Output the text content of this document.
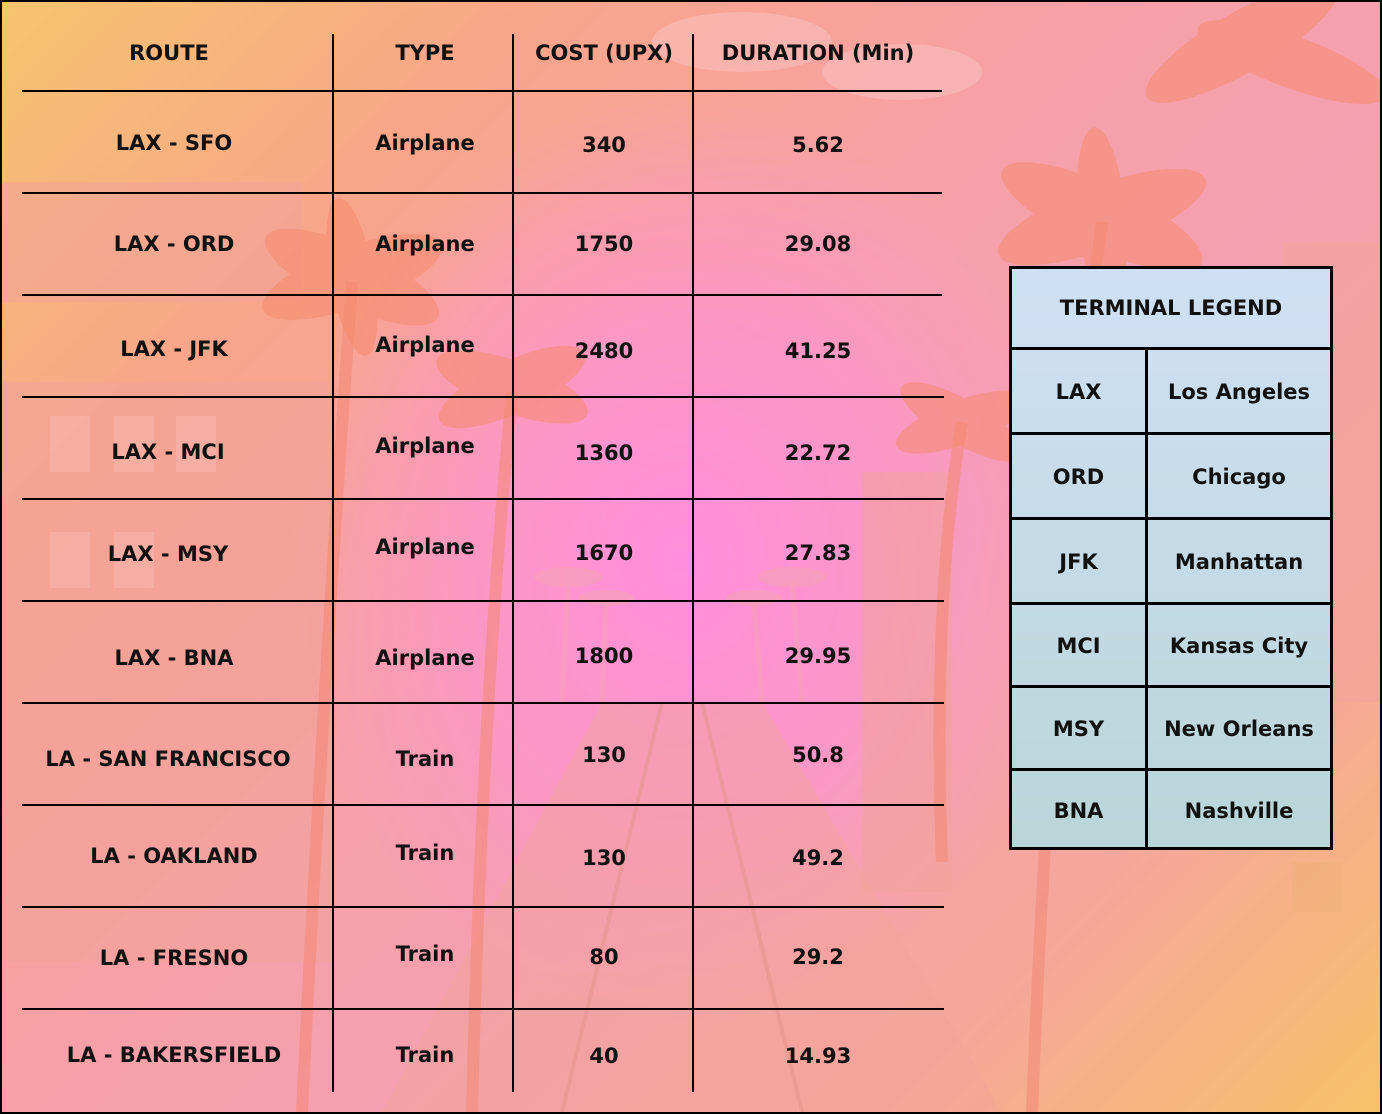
ROUTE	TYPE	COST (UPX)	DURATION (Min)
LAX - SFO	Airplane	340	5.62
LAX - ORD	Airplane	1750	29.08
LAX - JFK	Airplane	2480	41.25
LAX - MCI	Airplane	1360	22.72
LAX - MSY	Airplane	1670	27.83
LAX - BNA	Airplane	1800	29.95
LA - SAN FRANCISCO	Train	130	50.8
LA - OAKLAND	Train	130	49.2
LA - FRESNO	Train	80	29.2
LA - BAKERSFIELD	Train	40	14.93
TERMINAL LEGEND
LAX	Los Angeles
ORD	Chicago
JFK	Manhattan
MCI	Kansas City
MSY	New Orleans
BNA	Nashville
